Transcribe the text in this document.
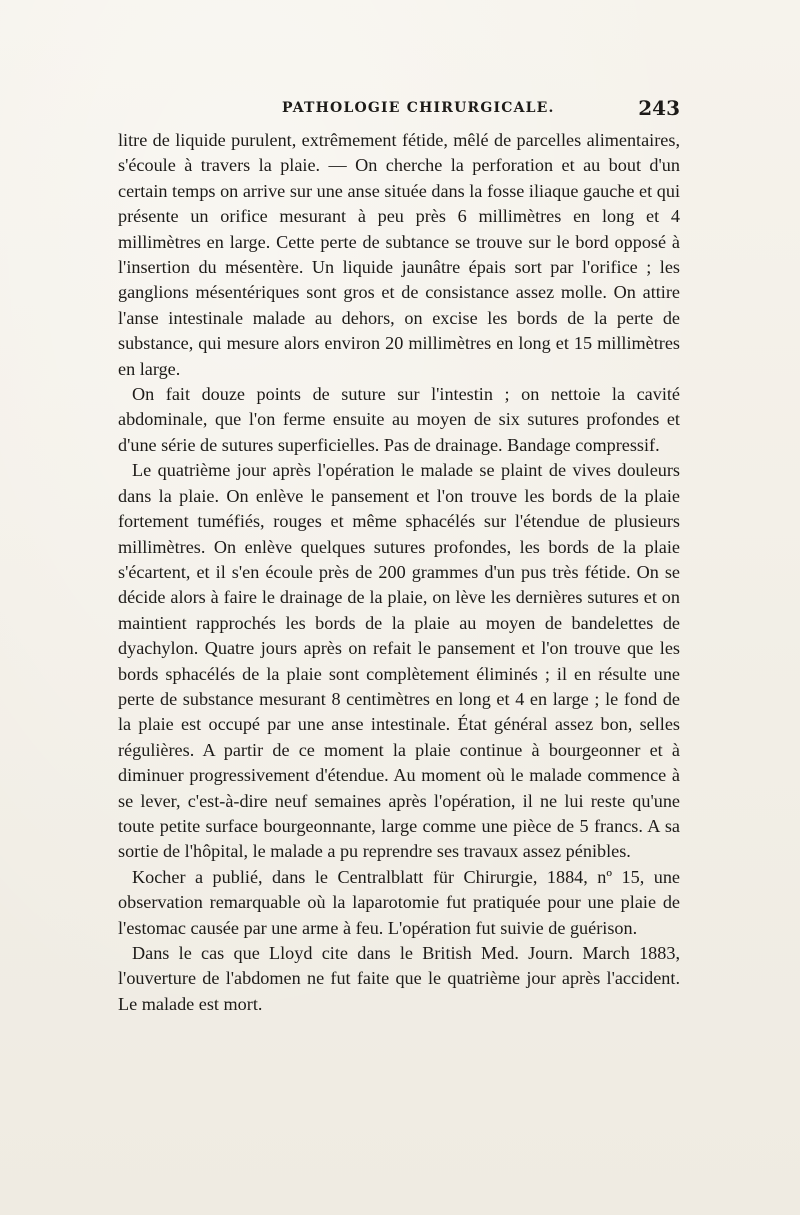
PATHOLOGIE CHIRURGICALE.	243

litre de liquide purulent, extrêmement fétide, mêlé de parcelles alimentaires, s'écoule à travers la plaie. — On cherche la perforation et au bout d'un certain temps on arrive sur une anse située dans la fosse iliaque gauche et qui présente un orifice mesurant à peu près 6 millimètres en long et 4 millimètres en large. Cette perte de subtance se trouve sur le bord opposé à l'insertion du mésentère. Un liquide jaunâtre épais sort par l'orifice ; les ganglions mésentériques sont gros et de consistance assez molle. On attire l'anse intestinale malade au dehors, on excise les bords de la perte de substance, qui mesure alors environ 20 millimètres en long et 15 millimètres en large.

On fait douze points de suture sur l'intestin ; on nettoie la cavité abdominale, que l'on ferme ensuite au moyen de six sutures profondes et d'une série de sutures superficielles. Pas de drainage. Bandage compressif.

Le quatrième jour après l'opération le malade se plaint de vives douleurs dans la plaie. On enlève le pansement et l'on trouve les bords de la plaie fortement tuméfiés, rouges et même sphacélés sur l'étendue de plusieurs millimètres. On enlève quelques sutures profondes, les bords de la plaie s'écartent, et il s'en écoule près de 200 grammes d'un pus très fétide. On se décide alors à faire le drainage de la plaie, on lève les dernières sutures et on maintient rapprochés les bords de la plaie au moyen de bandelettes de dyachylon. Quatre jours après on refait le pansement et l'on trouve que les bords sphacélés de la plaie sont complètement éliminés ; il en résulte une perte de substance mesurant 8 centimètres en long et 4 en large ; le fond de la plaie est occupé par une anse intestinale. État général assez bon, selles régulières. A partir de ce moment la plaie continue à bourgeonner et à diminuer progressivement d'étendue. Au moment où le malade commence à se lever, c'est-à-dire neuf semaines après l'opération, il ne lui reste qu'une toute petite surface bourgeonnante, large comme une pièce de 5 francs. A sa sortie de l'hôpital, le malade a pu reprendre ses travaux assez pénibles.

Kocher a publié, dans le Centralblatt für Chirurgie, 1884, nº 15, une observation remarquable où la laparotomie fut pratiquée pour une plaie de l'estomac causée par une arme à feu. L'opération fut suivie de guérison.

Dans le cas que Lloyd cite dans le British Med. Journ. March 1883, l'ouverture de l'abdomen ne fut faite que le quatrième jour après l'accident. Le malade est mort.
